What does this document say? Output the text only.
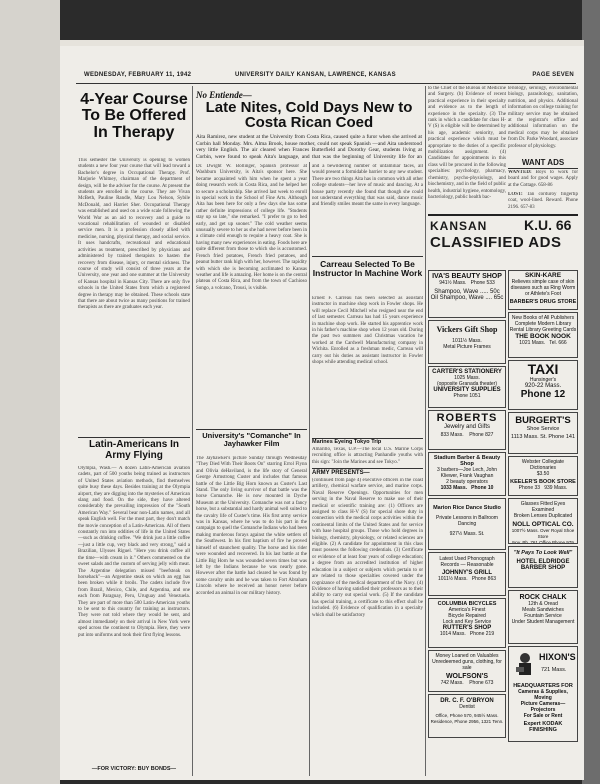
WEDNESDAY, FEBRUARY 11, 1942	UNIVERSITY DAILY KANSAN, LAWRENCE, KANSAS	PAGE SEVEN
4-Year Course To Be Offered In Therapy
This semester the University is opening to women students a new four year course that will lead toward a Bachelor's degree in Occupational Therapy. Prof. Marjorie Whitney, chairman of the department of design, will be the adviser for the course. At present the students are enrolled in the course. They are Vivan McBeth, Pauline Randle, Mary Lou Nelson, Sybile McDonald, and Harriet Sher. Occupational Therapy was established and used on a wide scale following the World War as an aid to recovery and a guide to vocational rehabilitation of wounded or disabled service men. It is a profession closely allied with medicine, nursing, physical therapy, and social service. It uses handcrafts, recreational and educational activities as treatment, prescribed by physicians and administered by trained therapists to hasten the recovery from disease, injury, or mental sickness. The course of study will consist of three years at the University, one year and one summer at the University of Kansas hospital in Kansas City. There are only five schools in the United States from which a registered degree in therapy may be obtained. These schools state that there are about twice as many positions for trained therapists as there are graduates each year.
Latin-Americans In Army Flying
Olympia, Wash.— A dozen Latin-American aviation cadets, part of 500 youths being trained as instructors of United States aviation methods, find themselves quite busy these days. Besides training at the Olympia airport, they are digging into the mysteries of American slang and food. On the side, they have altered considerably the prevailing impression of the "South American Way." Several bear non-Latin names, and all speak English well. For the most part, they don't match the movie conception of a Latin-American. All of them constantly run into oddities of life in the United States—such as drinking coffee. "We drink just a little coffee—just a little cup, very black and very strong," said a Brazilian, Ulysses Riguel. "Here you drink coffee all the time—with cream in it." Others commented on the sweet salads and the custom of serving jelly with meat. The Argentine delegation missed "beefsteak on horseback"—an Argentine steak on which an egg has been broken while it broils. The cadets include five from Brazil, Mexico, Chile, and Argentina, and one each from Paraguay, Peru, Uruguay and Venezuela. They are part of more than 500 Latin-American youths to be sent to this country for training as instructors. They were not told where they would be sent, and almost immediately on their arrival in New York were sped across the continent to Olympia. Here, they were put into uniforms and took their first flying lessons.
—FOR VICTORY: BUY BONDS—
No Entiende—
Late Nites, Cold Days New to Costa Rican Coed
Aita Ramirez, new student at the University from Costa Rica, caused quite a furor when she arrived at Corbin hall Monday. Mrs. Alma Brook, house mother, could not speak Spanish —and Aita understood very little English. The air cleared when Frances Butterfield and Dorothy Gear, students living at Corbin, were found to speak Aita's language, and that was the beginning of University life for an
Dr. Dwight W. Bollinger, Spanish professor at Washburn University, is Aita's sponsor here. She became acquainted with him when he spent a year doing research work in Costa Rica, and he helped her to secure a scholarship. She arrived last week to enroll in special work in the School of Fine Arts. Although Aita has been here for only a few days she has some rather definite impressions of college life. "Students stay up so late," she remarked. "I prefer to go to bed early, and get up sooner." The cold weather seems unusually severe to her as she had never before been in a climate cold enough to require a heavy coat. She is having many new experiences in eating. Foods here are quite different from those to which she is accustomed. French fried potatoes, French fried potatoes, and peanut butter rank high with her, however. The rapidity with which she is becoming acclimated to Kansas weather and life is amazing. Her home is on the central plateau of Costa Rica, and from the town of Cachioso Songo, a volcano, Trousi, is visible.
and a bewildering number of unfamiliar faces, all would present a formidable barrier to any new student. There are two things Aita has in common with all other college students—her love of music and dancing. At a house party recently she found that though she could not understand everything that was said, dance music and friendly smiles meant the same in every language.
Carreau Selected To Be Instructor In Machine Work
Ernest F. Carreau has been selected as assistant instructor in machine shop work in Fowler shops. He will replace Cecil Mitchell who resigned near the end of last semester. Carreau has had 15 years experience in machine shop work. He started his apprentice work in his father's machine shop when 12 years old. During the past two summers and Christmas vacation he worked at the Cardwell Manufacturing company in Wichita. Enrolled as a freshman medic, Carreau will carry out his duties as assistant instructor in Fowler shops while attending medical school.
University's "Comanche" In Jayhawker Film
The Jayhawker's picture Sunday through Wednesday "They Died With Their Boots On" starring Errol Flynn and Olivia deHaviland, is the life story of General George Armstrong Custer and includes that famous battle of the Little Big Horn known as Custer's Last Stand. The only living survivor of that battle was the horse Comanche. He is now mounted in Dyche Museum at the University. Comanche was not a fancy horse, but a substantial and hardy animal well suited to the cavalry life of Custer's time. His first army service was in Kansas, where he was to do his part in the campaign to quell the Comanche Indians who had been making murderous forays against the white settlers of the Southwest. In his first baptism of fire he proved himself of staunchest quality. The horse and his rider were wounded and recovered. In his last battle at the Little Big Horn he was wounded seven times but was left by the Indians because he was nearly gone. However after the battle had cleared he was found by some cavalry units and he was taken to Fort Abraham Lincoln where he received an honor never before accorded an animal in our military history.
Marines Eyeing Tokyo Trip
Amarillo, Texas, U.P.—The local U.S. Marine Corps recruiting office is attracting Panhandle youths with this sign: "Join the Marines and see Tokyo."
ARMY PRESENTS—
(continued from page 4) executive officers in the coast artillery, chemical warfare service, and marine corps. Naval Reserve Openings. Opportunities for men serving in the Naval Reserve to make use of their medical or scientific training are: (1) Officers are assigned to class H-V (S) for special shore duty in connection with the medical corps activities within the continental limits of the United States and for service with base hospital groups. Those who hold degrees in biology, chemistry, physiology, or related sciences are eligible. (2) A candidate for appointment in this class must possess the following credentials. (3) Certificate or evidence of at least four years of college education; a degree from an accredited institution of higher education in a subject or subjects which pertain to or are related to those specialties covered under the cognizance of the medical department of the Navy. (4) Evidence of having satisfied their professors as to their ability to carry out special work. (5) If the candidate has special training, a certificate to this effect shall be included. (6) Evidence of qualification in a specialty which shall be satisfactory
to the Chief of the Bureau of Medicine and Surgery. (b) Evidence of recent practical experience in their specialty and evidence as to the length of experience in the specialty. (3) The rank in which a candidate for class H-V (S) is eligible will be determined by his age, academic seniority, and practical experience which must be appropriate to the duties of a specific mobilization assignment. (4) Candidates for appointments in this class will be procured in the following specialties: psychology, pharmacy, chemistry, psycho-physiology, and biochemistry, and in the field of public health, industrial hygiene, entomology, bacteriology, public health bac-
teriology, serology, environmental biology, parasitology, sanitation, nutrition, and physics. Additional information on college training for military service may be obtained at the registrar's office and additional information on the medical corps may be obtained from Dr. Parke Woodard, associate professor of physiology.
WANT ADS
WANTED: Boys to work for board and for good wages. Apply at the Cottage. 658-86
LOST: Tan corduroy fingertip coat, wool-lined. Reward. Phone 2196. 657-83
KANSAN
CLASSIFIED ADS
K.U. 66
IVA'S BEAUTY SHOP
941½ Mass. Phone 533
Shampoo, Wave ..... 50c
Oil Shampoo, Wave .... 65c
SKIN-KARE
Relieves simple case of skin diseases such as Ring Worm or Athlete's Foot
BARBER'S DRUG STORE
Vickers Gift Shop
1011½ Mass.
Metal Picture Frames
New Books of All Publishers
Complete Modern Library
Rental Library Greeting Cards
THE BOOK NOOK
1021 Mass. Tel. 666
CARTER'S STATIONERY
1025 Mass.
(opposite Granada theater)
UNIVERSITY SUPPLIES
Phone 1051
TAXI
Hunsinger's
920-22 Mass.
Phone 12
ROBERTS
Jewelry and Gifts
833 Mass. Phone 827
BURGERT'S
Shoe Service
1113 Mass. St. Phone 141
Stadium Barber & Beauty Shop
3 barbers—Joe Lech, John
Kliewer, Frank Vaughan
2 beauty operators
1033 Mass. Phone 10
Webster Collegiate Dictionaries
$3.50
KEELER'S BOOK STORE
Phone 33 939 Mass.
Marion Rice Dance Studio
Private Lessons in Ballroom Dancing
927½ Mass. St.
Glasses Fitted Eyes Examined
Broken Lenses Duplicated
NOLL OPTICAL CO.
1007½ Mass. Over Royal Shoe Store
Nov. Ph. 761 Office Phone 979
Latest Used Phonograph
Records — Reasonable
JOHNNY'S GRILL
1011½ Mass. Phone 863
"It Pays To Look Well"
HOTEL ELDRIDGE
BARBER SHOP
COLUMBIA BICYCLES
America's Finest
Bicycle Repaired
Lock and Key Service
RUTTER'S SHOP
1014 Mass. Phone 219
ROCK CHALK
12th & Oread
Meals Sandwiches
Fountain Service
Under Student Management
Money Loaned on Valuables
Unredeemed guns, clothing, for sale
WOLFSON'S
742 Mass. Phone 673
DR. C. F. O'BRYON
Dentist
Office, Phone 570, 945½ Mass.
Residence, Phone 2956, 1321 Tenn.
HIXON'S
721 Mass.
HEADQUARTERS FOR
Cameras & Supplies, Moving
Picture Cameras—Projectors
For Sale or Rent
Expert KODAK FINISHING
